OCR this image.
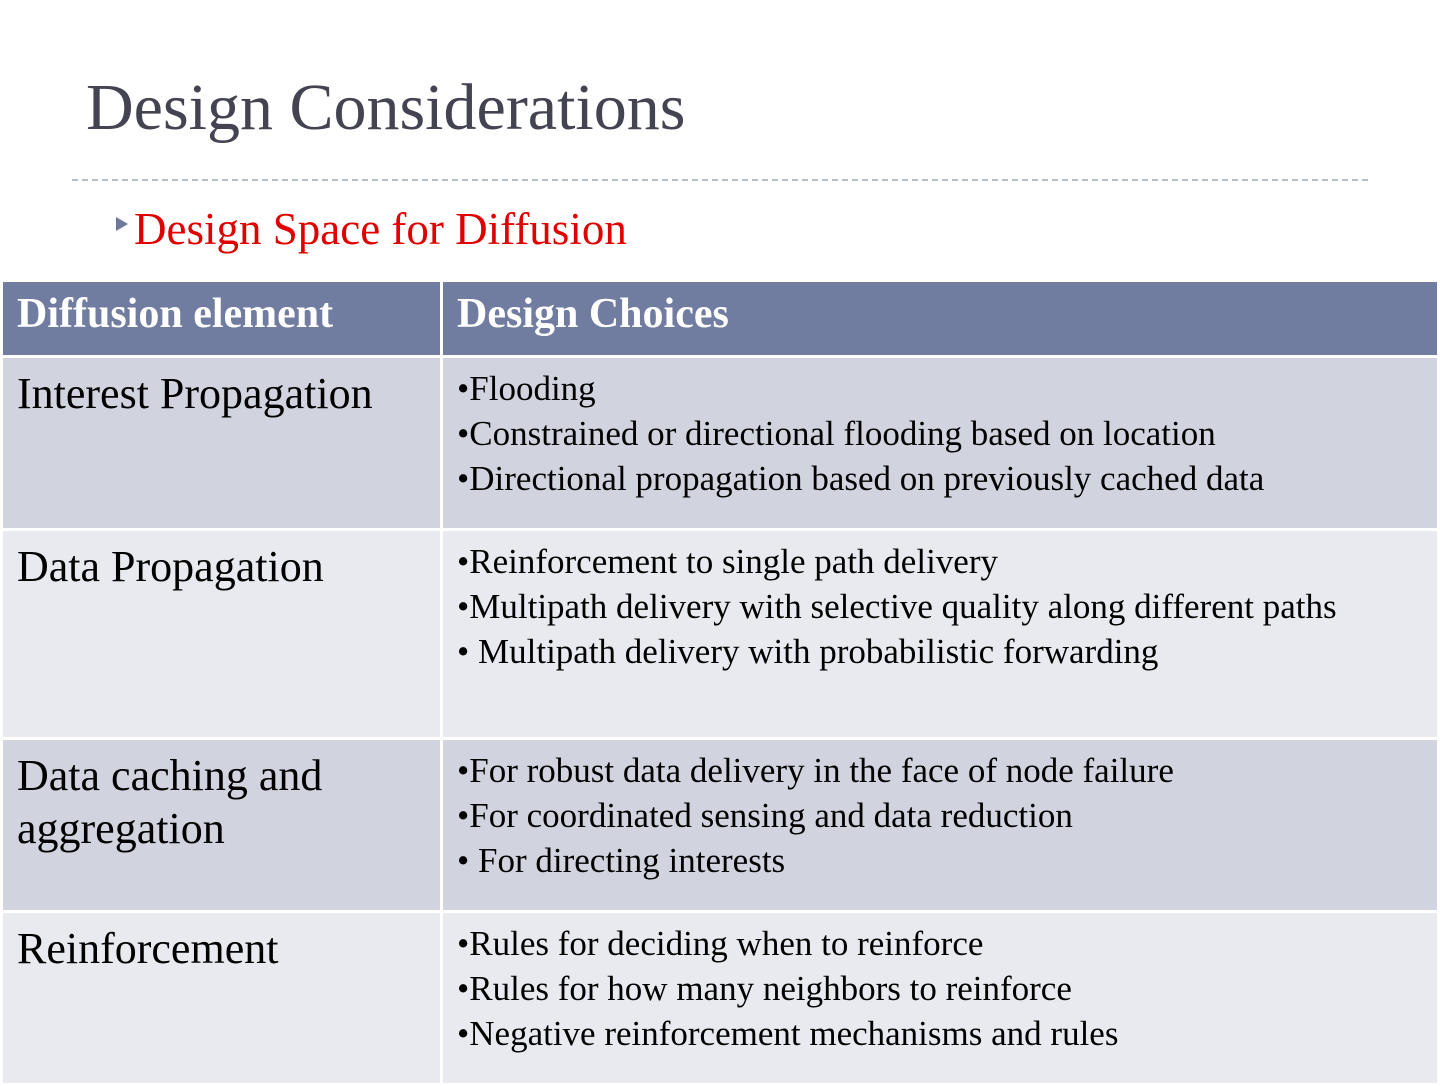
Design Considerations
Design Space for Diffusion
Diffusion element	Design Choices
Interest Propagation	•Flooding
•Constrained or directional flooding based on location
•Directional propagation based on previously cached data

Data Propagation	•Reinforcement to single path delivery
•Multipath delivery with selective quality along different paths
• Multipath delivery with probabilistic forwarding

Data caching and aggregation	•For robust data delivery in the face of node failure
•For coordinated sensing and data reduction
• For directing interests

Reinforcement	•Rules for deciding when to reinforce
•Rules for how many neighbors to reinforce
•Negative reinforcement mechanisms and rules
